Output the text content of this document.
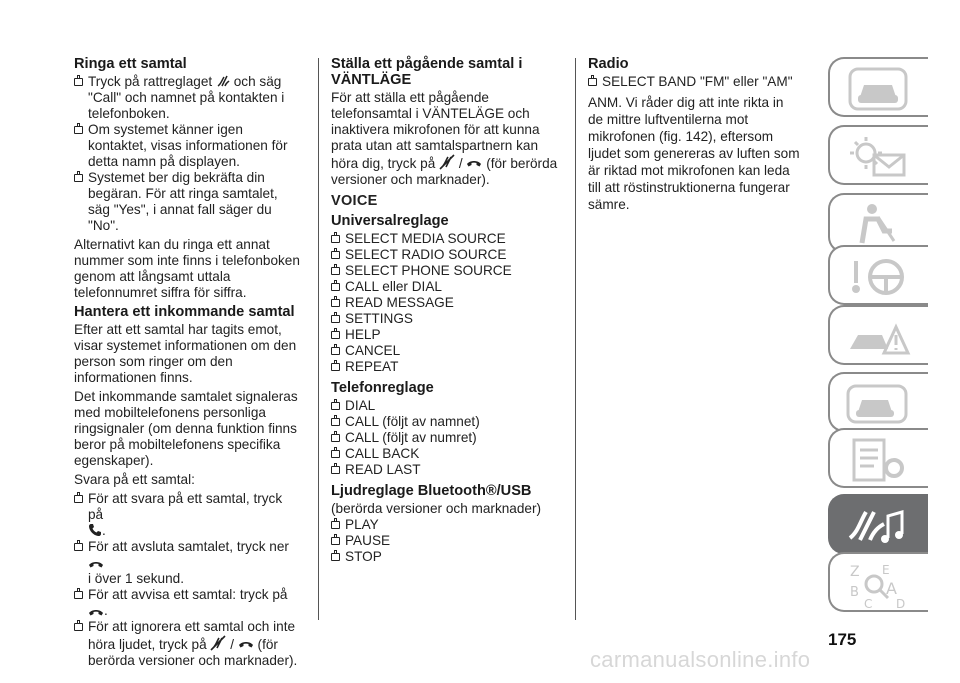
Ringa ett samtal
Tryck på rattreglaget och säg "Call" och namnet på kontakten i telefonboken.
Om systemet känner igen kontaktet, visas informationen för detta namn på displayen.
Systemet ber dig bekräfta din begäran. För att ringa samtalet, säg "Yes", i annat fall säger du "No".

Alternativt kan du ringa ett annat nummer som inte finns i telefonboken genom att långsamt uttala telefonnumret siffra för siffra.

Hantera ett inkommande samtal

Efter att ett samtal har tagits emot, visar systemet informationen om den person som ringer om den informationen finns.

Det inkommande samtalet signaleras med mobiltelefonens personliga ringsignaler (om denna funktion finns beror på mobiltelefonens specifika egenskaper).

Svara på ett samtal:

För att svara på ett samtal, tryck på
.
För att avsluta samtalet, tryck ner
i över 1 sekund.
För att avvisa ett samtal: tryck på .
För att ignorera ett samtal och inte höra ljudet, tryck på / (för berörda versioner och marknader).
Ställa ett pågående samtal i VÄNTLÄGE

För att ställa ett pågående telefonsamtal i VÄNTELÄGE och inaktivera mikrofonen för att kunna prata utan att samtalspartnern kan höra dig, tryck på / (för berörda versioner och marknader).

VOICE
Universalreglage
SELECT MEDIA SOURCE
SELECT RADIO SOURCE
SELECT PHONE SOURCE
CALL eller DIAL
READ MESSAGE
SETTINGS
HELP
CANCEL
REPEAT
Telefonreglage
DIAL
CALL (följt av namnet)
CALL (följt av numret)
CALL BACK
READ LAST
Ljudreglage Bluetooth®/USB

(berörda versioner och marknader)

PLAY
PAUSE
STOP
Radio
SELECT BAND "FM" eller "AM"

ANM. Vi råder dig att inte rikta in de mittre luftventilerna mot mikrofonen (fig. 142), eftersom ljudet som genereras av luften som är riktad mot mikrofonen kan leda till att röstinstruktionerna fungerar sämre.

Z E
B A
C D
175
carmanualsonline.info
